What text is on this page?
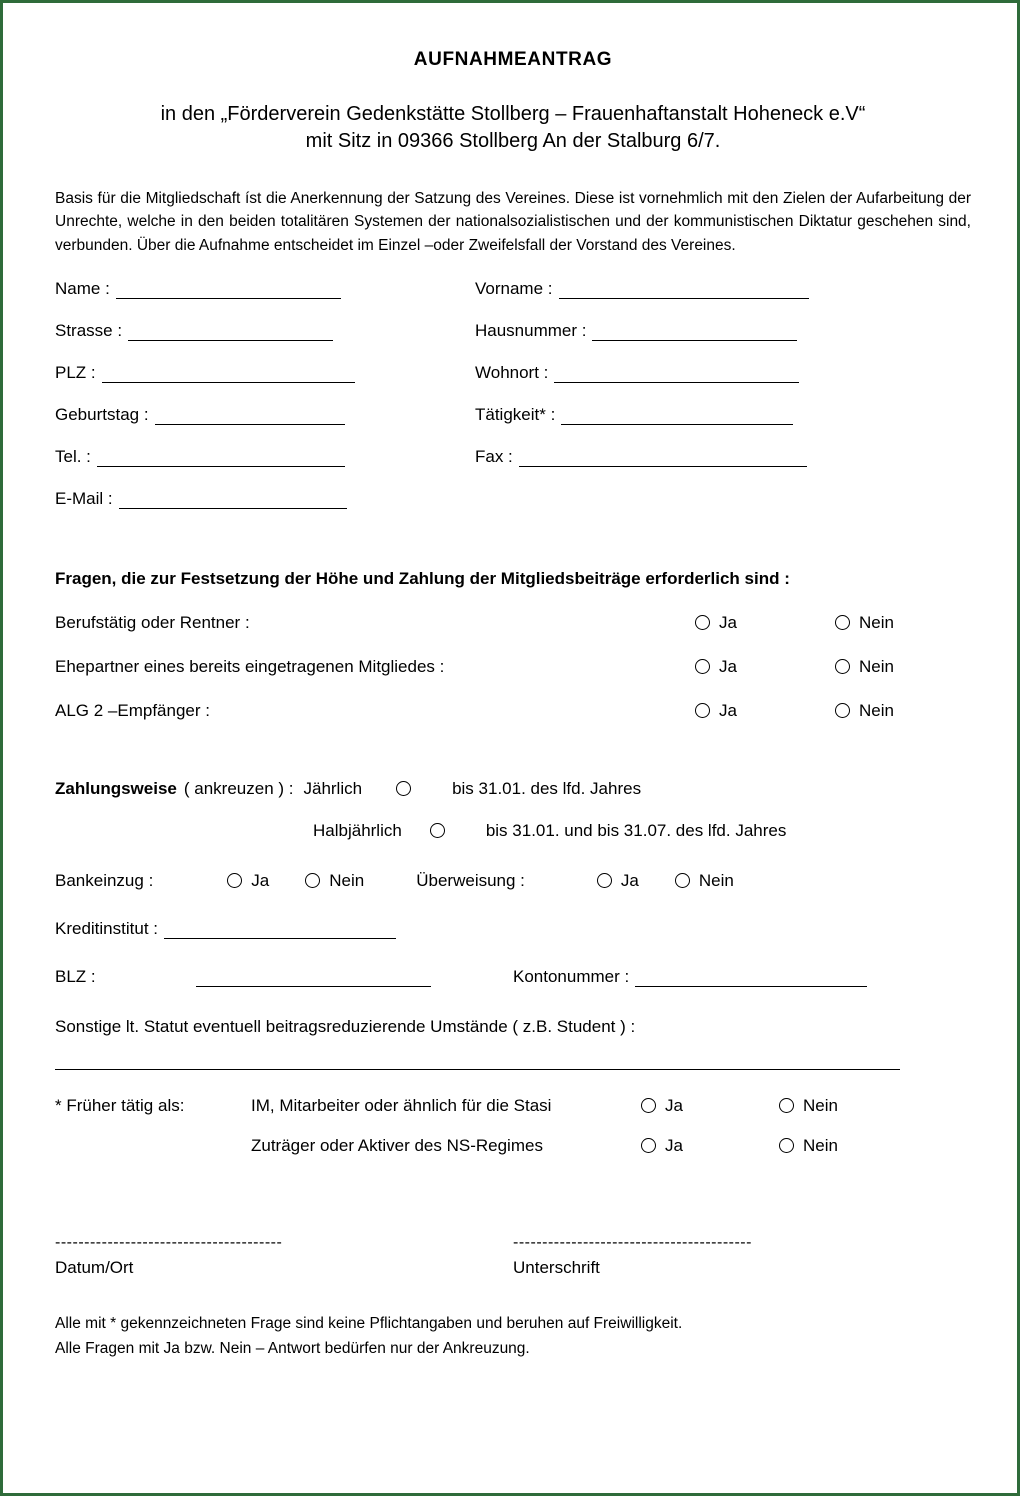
AUFNAHMEANTRAG
in den „Förderverein Gedenkstätte Stollberg – Frauenhaftanstalt Hoheneck e.V“
mit Sitz in 09366 Stollberg An der Stalburg 6/7.
Basis für die Mitgliedschaft íst die Anerkennung der Satzung des Vereines. Diese ist vornehmlich mit den Zielen der Aufarbeitung der Unrechte, welche in den beiden totalitären Systemen der nationalsozialistischen und der kommunistischen Diktatur geschehen sind, verbunden. Über die Aufnahme entscheidet im Einzel –oder Zweifelsfall der Vorstand des Vereines.
Name :	Vorname :
Strasse :	Hausnummer :
PLZ :	Wohnort :
Geburtstag :	Tätigkeit* :
Tel. :	Fax :
E-Mail :
Fragen, die zur Festsetzung der Höhe und Zahlung der Mitgliedsbeiträge erforderlich sind :
Berufstätig oder Rentner :	Ja	Nein
Ehepartner eines bereits eingetragenen Mitgliedes :	Ja	Nein
ALG 2 –Empfänger :	Ja	Nein
Zahlungsweise ( ankreuzen ) : Jährlich	bis 31.01. des lfd. Jahres
Halbjährlich	bis 31.01. und bis 31.07. des lfd. Jahres
Bankeinzug :	Ja	Nein	Überweisung :	Ja	Nein
Kreditinstitut :
BLZ :	Kontonummer :
Sonstige lt. Statut eventuell beitragsreduzierende Umstände ( z.B. Student ) :
* Früher tätig als:	IM, Mitarbeiter oder ähnlich für die Stasi	Ja	Nein
Zuträger oder Aktiver des NS-Regimes	Ja	Nein
---------------------------------------
Datum/Ort
-----------------------------------------
Unterschrift
Alle mit * gekennzeichneten Frage sind keine Pflichtangaben und beruhen auf Freiwilligkeit.
Alle Fragen mit Ja bzw. Nein – Antwort bedürfen nur der Ankreuzung.
